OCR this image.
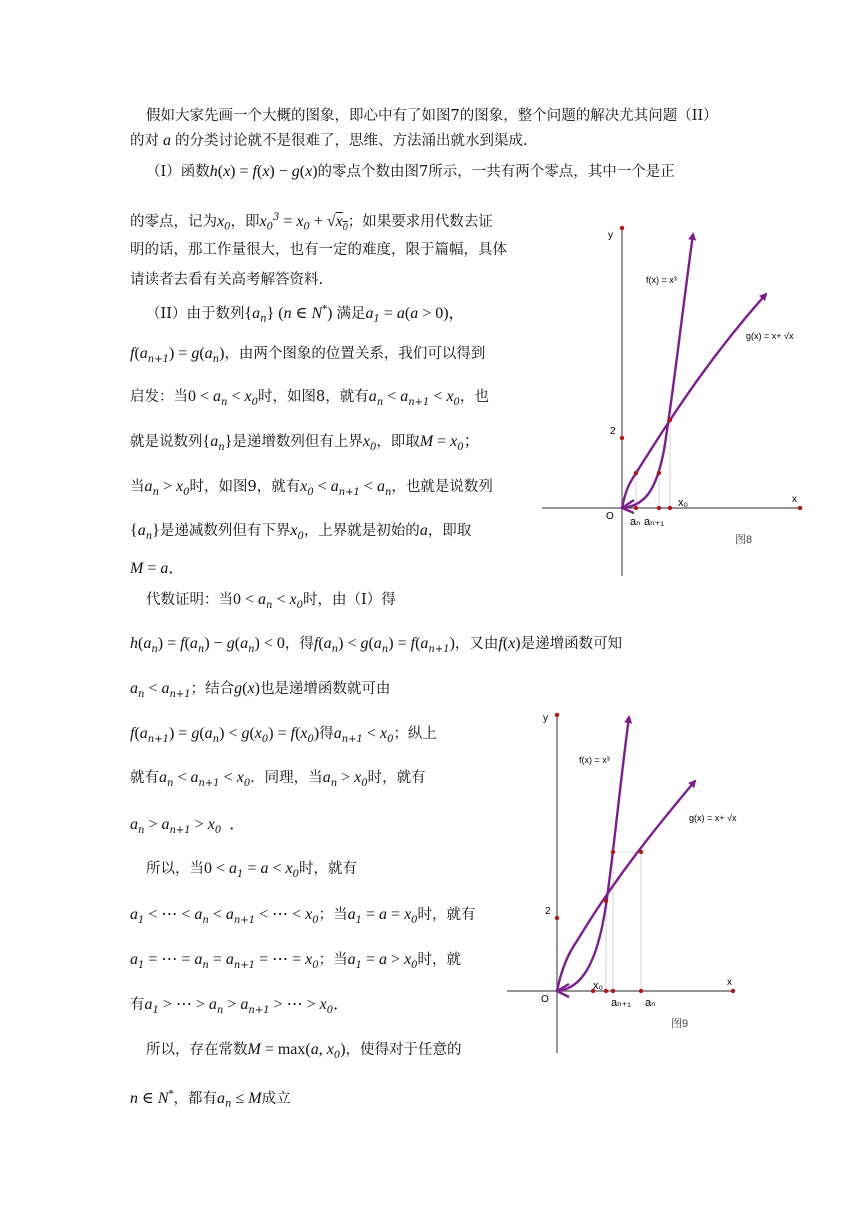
假如大家先画一个大概的图象，即心中有了如图7的图象，整个问题的解决尤其问题（II）
的对 a 的分类讨论就不是很难了，思维、方法涌出就水到渠成.
（I）函数h(x) = f(x) − g(x)的零点个数由图7所示，一共有两个零点，其中一个是正
的零点，记为$x_0$，即$x_0^3 = x_0 + √x_0$；如果要求用代数去证
明的话，那工作量很大，也有一定的难度，限于篇幅，具体
请读者去看有关高考解答资料.
（II）由于数列$\{a_n\}$ (n ∈ N*) 满足$a_1 = a(a > 0)$，
$f(a_{n+1}) = g(a_n)$，由两个图象的位置关系，我们可以得到
启发：当$0 < a_n < x_0$时，如图8，就有$a_n < a_{n+1} < x_0$，也
就是说数列$\{a_n\}$是递增数列但有上界$x_0$，即取$M = x_0$；
当$a_n > x_0$时，如图9，就有$x_0 < a_{n+1} < a_n$，也就是说数列
$\{a_n\}$是递减数列但有下界$x_0$，上界就是初始的a，即取
M = a．
代数证明：当$0 < a_n < x_0$时，由（I）得
$h(a_n) = f(a_n) - g(a_n) < 0$，得$f(a_n) < g(a_n) = f(a_{n+1})$，又由f(x)是递增函数可知
$a_n < a_{n+1}$；结合g(x)也是递增函数就可由
$f(a_{n+1}) = g(a_n) < g(x_0) = f(x_0)$得$a_{n+1} < x_0$；纵上
就有$a_n < a_{n+1} < x_0$．同理，当$a_n > x_0$时，就有
$a_n > a_{n+1} > x_0$  ．
所以，当$0 < a_1 = a < x_0$时，就有
$a_1$ < ⋯ < $a_n < a_{n+1}$ < ⋯ < $x_0$；当$a_1 = a = x_0$时，就有
$a_1$ = ⋯ = $a_n = a_{n+1}$ = ⋯ = $x_0$；当$a_1 = a > x_0$时，就
有$a_1$ > ⋯ > $a_n > a_{n+1}$ > ⋯ > $x_0$．
所以，存在常数M = max(a, $x_0$)，使得对于任意的
n ∈ N*，都有$a_n \le M$成立
y
x
O
2
f(x) = x³
g(x) = x+ √x
x₀
aₙ aₙ₊₁
图8
y
x
O
2
f(x) = x³
g(x) = x+ √x
x₀
aₙ₊₁ aₙ
图9
